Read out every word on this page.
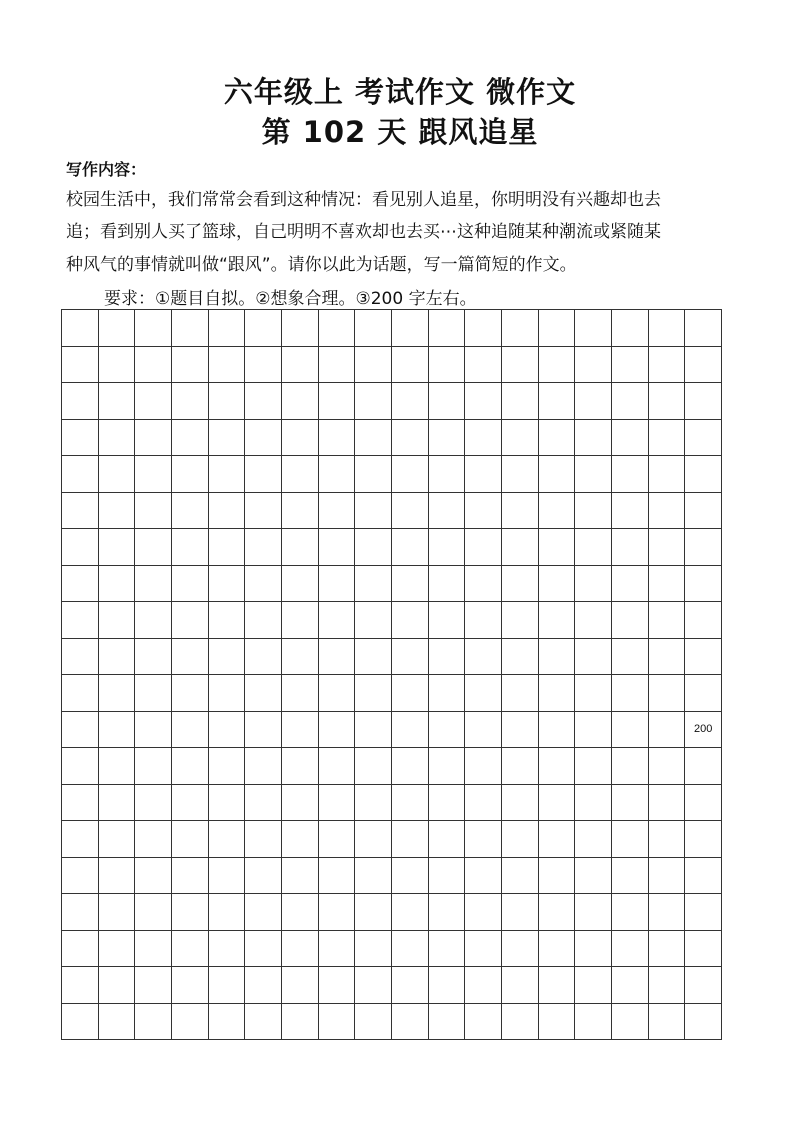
六年级上 考试作文 微作文
第 102 天 跟风追星
写作内容：
校园生活中，我们常常会看到这种情况：看见别人追星，你明明没有兴趣却也去
追；看到别人买了篮球，自己明明不喜欢却也去买⋯这种追随某种潮流或紧随某
种风气的事情就叫做“跟风”。请你以此为话题，写一篇简短的作文。
要求：①题目自拟。②想象合理。③200 字左右。
200
